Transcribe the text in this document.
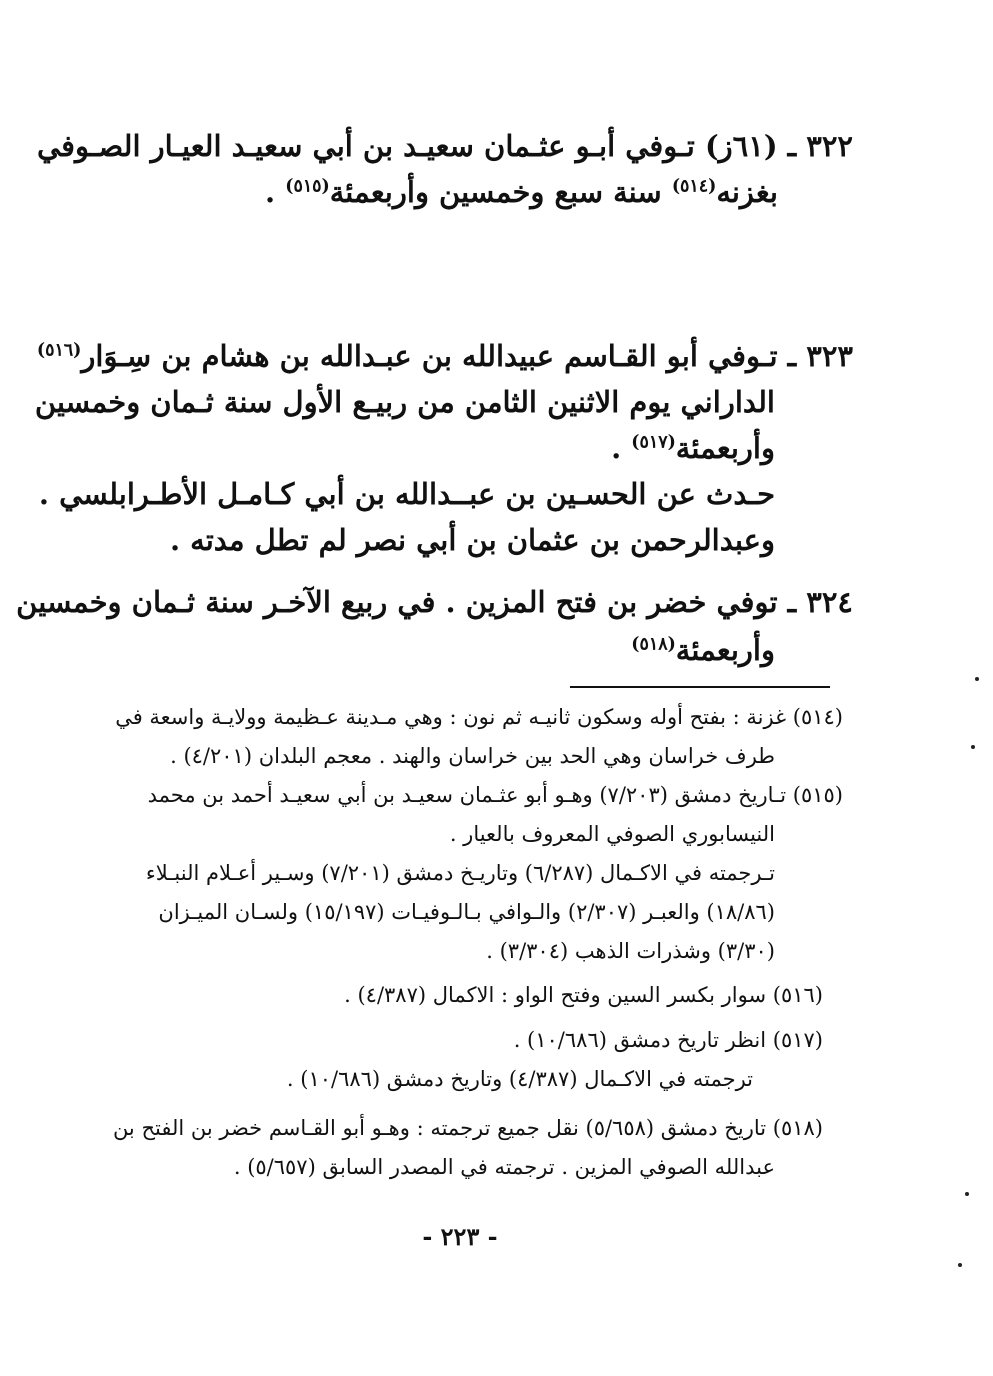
٣٢٢ ـ (٦١ز) تـوفي أبـو عثـمان سعيـد بن أبي سعيـد العيـار الصـوفي
بغزنه$^{(٥١٤)}$ سنة سبع وخمسين وأربعمئة$^{(٥١٥)}$ .
٣٢٣ ـ تـوفي أبو القـاسم عبيدالله بن عبـدالله بن هشام بن سِـوَار$^{(٥١٦)}$
الداراني يوم الاثنين الثامن من ربيـع الأول سنة ثـمان وخمسين
وأربعمئة$^{(٥١٧)}$ .
حـدث عن الحسـين بن عبــدالله بن أبي كـامـل الأطـرابلسي .
وعبدالرحمن بن عثمان بن أبي نصر لم تطل مدته .
٣٢٤ ـ توفي خضر بن فتح المزين . في ربيع الآخـر سنة ثـمان وخمسين
وأربعمئة$^{(٥١٨)}$
(٥١٤) غزنة : بفتح أوله وسكون ثانيـه ثم نون : وهي مـدينة عـظيمة وولايـة واسعة في
طرف خراسان وهي الحد بين خراسان والهند . معجم البلدان (٤/٢٠١) .
(٥١٥) تـاريخ دمشق (٧/٢٠٣) وهـو أبو عثـمان سعيـد بن أبي سعيـد أحمد بن محمد
النيسابوري الصوفي المعروف بالعيار .
تـرجمته في الاكـمال (٦/٢٨٧) وتاريـخ دمشق (٧/٢٠١) وسـير أعـلام النبـلاء
(١٨/٨٦) والعبـر (٢/٣٠٧) والـوافي بـالـوفيـات (١٥/١٩٧) ولسـان الميـزان
(٣/٣٠) وشذرات الذهب (٣/٣٠٤) .
(٥١٦) سوار بكسر السين وفتح الواو : الاكمال (٤/٣٨٧) .
(٥١٧) انظر تاريخ دمشق (١٠/٦٨٦) .
ترجمته في الاكـمال (٤/٣٨٧) وتاريخ دمشق (١٠/٦٨٦) .
(٥١٨) تاريخ دمشق (٥/٦٥٨) نقل جميع ترجمته : وهـو أبو القـاسم خضر بن الفتح بن
عبدالله الصوفي المزين . ترجمته في المصدر السابق (٥/٦٥٧) .
- ٢٢٣ -
